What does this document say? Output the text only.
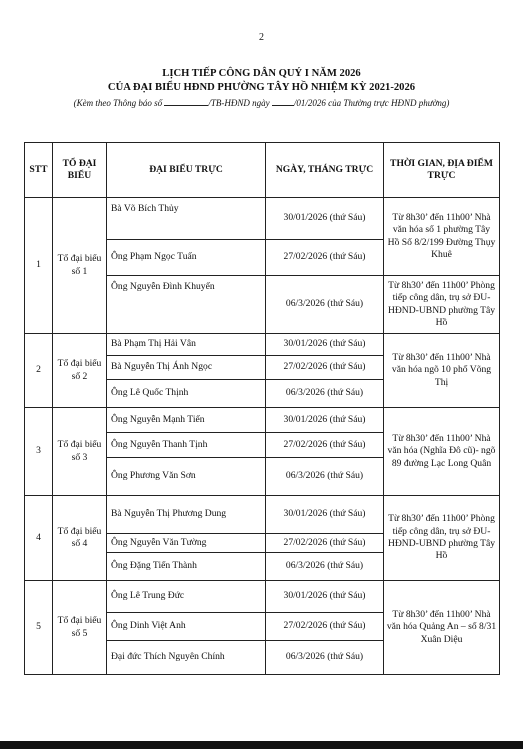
2
LỊCH TIẾP CÔNG DÂN QUÝ I NĂM 2026
CỦA ĐẠI BIỂU HĐND PHƯỜNG TÂY HỒ NHIỆM KỲ 2021-2026
(Kèm theo Thông báo số	/TB-HĐND ngày	/01/2026 của Thường trực HĐND phường)
STT	TỔ ĐẠI BIỂU	ĐẠI BIỂU TRỰC	NGÀY, THÁNG TRỰC	THỜI GIAN, ĐỊA ĐIỂM TRỰC
1	Tổ đại biểu số 1	Bà Võ Bích Thủy	30/01/2026 (thứ Sáu)	Từ 8h30’ đến 11h00’ Nhà văn hóa số 1 phường Tây Hồ Số 8/2/199 Đường Thụy Khuê
		Ông Phạm Ngọc Tuấn	27/02/2026 (thứ Sáu)	
		Ông Nguyễn Đình Khuyến	06/3/2026 (thứ Sáu)	Từ 8h30’ đến 11h00’ Phòng tiếp công dân, trụ sở ĐU-HĐND-UBND phường Tây Hồ
2	Tổ đại biểu số 2	Bà Phạm Thị Hải Vân	30/01/2026 (thứ Sáu)	Từ 8h30’ đến 11h00’ Nhà văn hóa ngõ 10 phố Võng Thị
		Bà Nguyễn Thị Ánh Ngọc	27/02/2026 (thứ Sáu)	
		Ông Lê Quốc Thịnh	06/3/2026 (thứ Sáu)	
3	Tổ đại biểu số 3	Ông Nguyễn Mạnh Tiến	30/01/2026 (thứ Sáu)	Từ 8h30’ đến 11h00’ Nhà văn hóa (Nghĩa Đô cũ)- ngõ 89 đường Lạc Long Quân
		Ông Nguyễn Thanh Tịnh	27/02/2026 (thứ Sáu)	
		Ông Phương Văn Sơn	06/3/2026 (thứ Sáu)	
4	Tổ đại biểu số 4	Bà Nguyễn Thị Phương Dung	30/01/2026 (thứ Sáu)	Từ 8h30’ đến 11h00’ Phòng tiếp công dân, trụ sở ĐU-HĐND-UBND phường Tây Hồ
		Ông Nguyễn Văn Tường	27/02/2026 (thứ Sáu)	
		Ông Đặng Tiến Thành	06/3/2026 (thứ Sáu)	
5	Tổ đại biểu số 5	Ông Lê Trung Đức	30/01/2026 (thứ Sáu)	Từ 8h30’ đến 11h00’ Nhà văn hóa Quảng An – số 8/31 Xuân Diệu
		Ông Dinh Việt Anh	27/02/2026 (thứ Sáu)	
		Đại đức Thích Nguyên Chính	06/3/2026 (thứ Sáu)	
